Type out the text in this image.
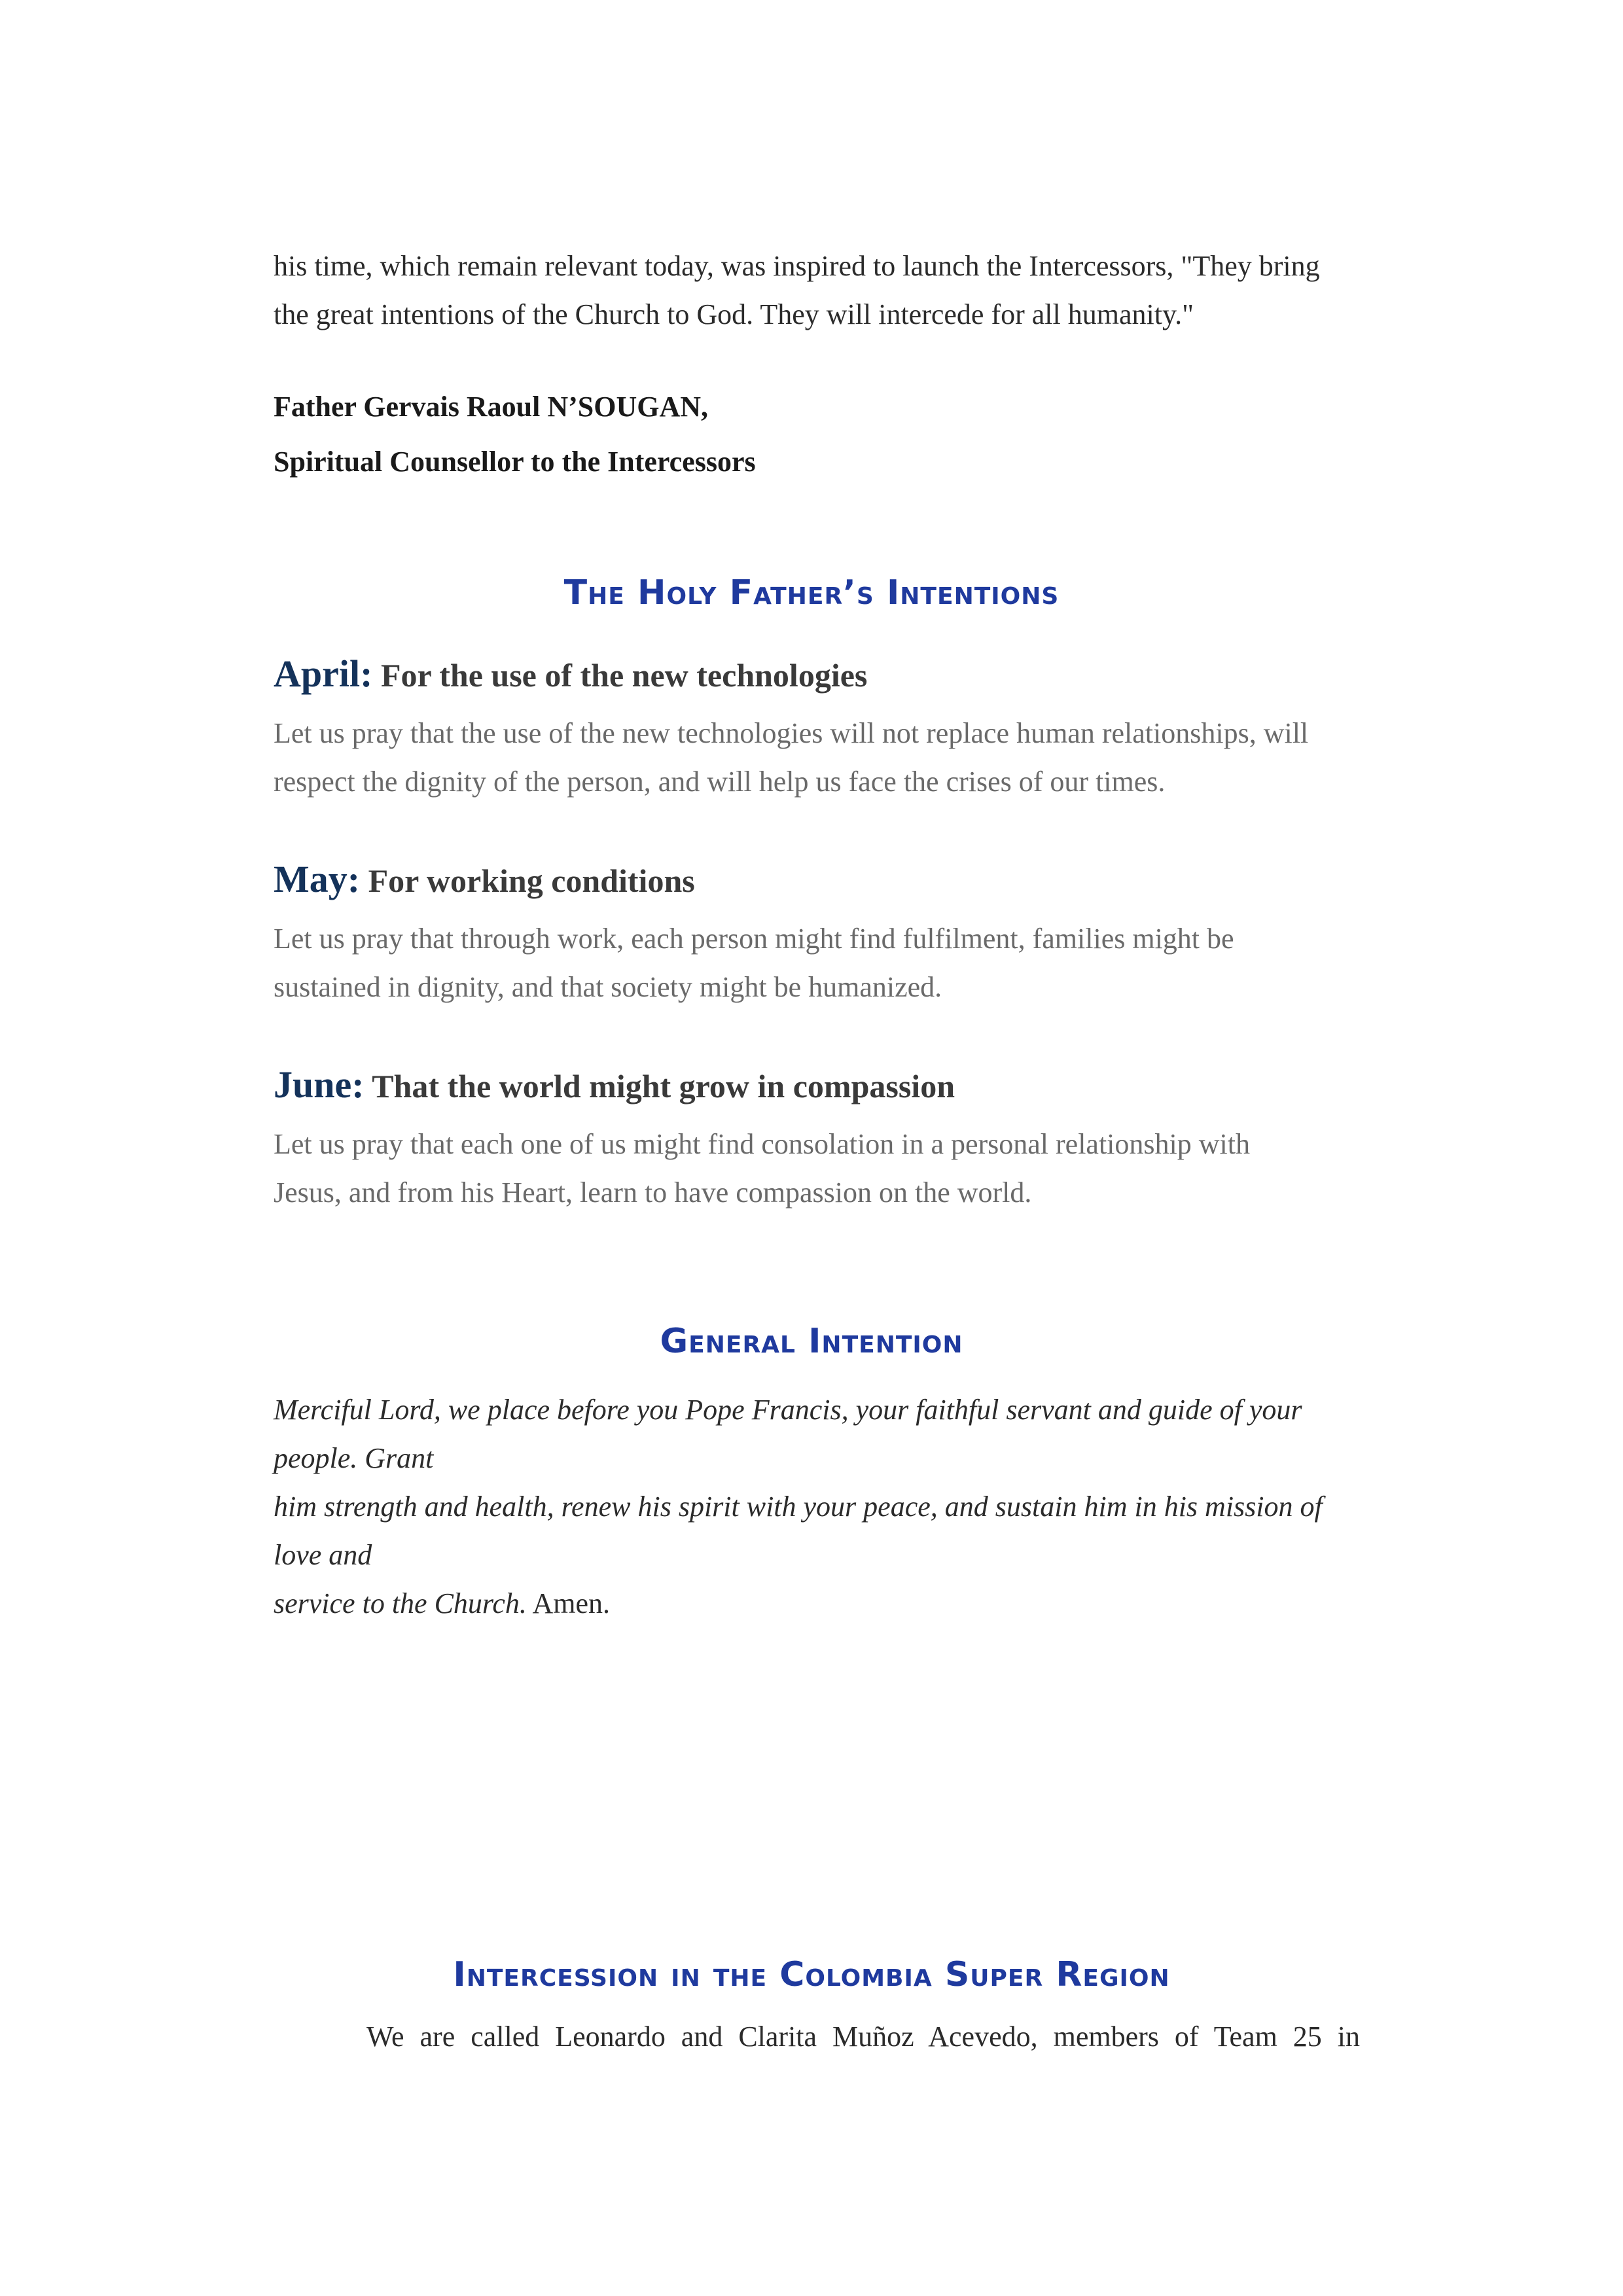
his time, which remain relevant today, was inspired to launch the Intercessors, "They bring

the great intentions of the Church to God. They will intercede for all humanity."

Father Gervais Raoul N’SOUGAN,

Spiritual Counsellor to the Intercessors

The Holy Father’s Intentions

April: For the use of the new technologies

Let us pray that the use of the new technologies will not replace human relationships, will

respect the dignity of the person, and will help us face the crises of our times.

May: For working conditions

Let us pray that through work, each person might find fulfilment, families might be

sustained in dignity, and that society might be humanized.

June: That the world might grow in compassion

Let us pray that each one of us might find consolation in a personal relationship with

Jesus, and from his Heart, learn to have compassion on the world.

General Intention

Merciful Lord, we place before you Pope Francis, your faithful servant and guide of your people. Grant

him strength and health, renew his spirit with your peace, and sustain him in his mission of love and

service to the Church. Amen.

Intercession in the Colombia Super Region

We are called Leonardo and Clarita Muñoz Acevedo, members of Team 25 in
